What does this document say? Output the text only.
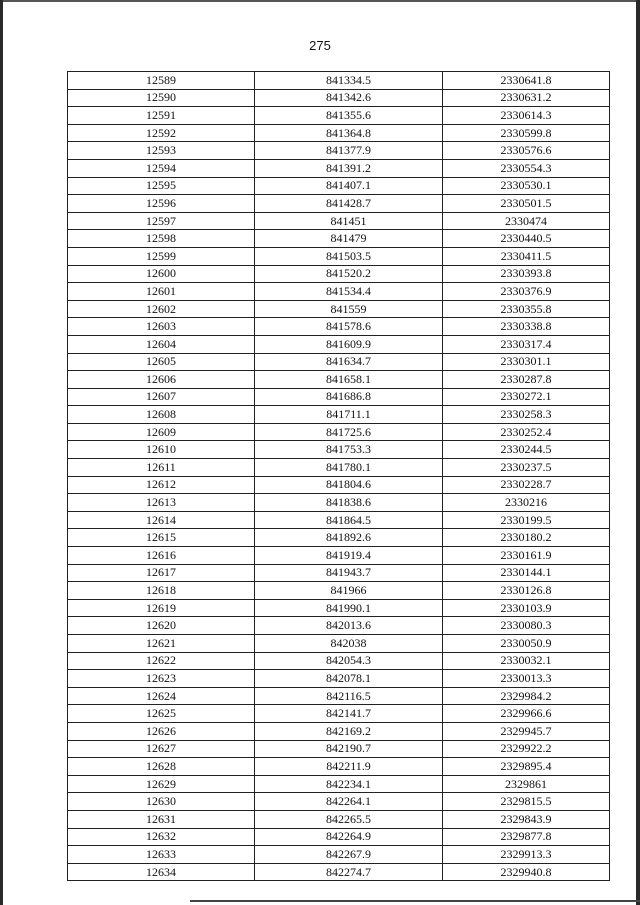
275
12589	841334.5	2330641.8
12590	841342.6	2330631.2
12591	841355.6	2330614.3
12592	841364.8	2330599.8
12593	841377.9	2330576.6
12594	841391.2	2330554.3
12595	841407.1	2330530.1
12596	841428.7	2330501.5
12597	841451	2330474
12598	841479	2330440.5
12599	841503.5	2330411.5
12600	841520.2	2330393.8
12601	841534.4	2330376.9
12602	841559	2330355.8
12603	841578.6	2330338.8
12604	841609.9	2330317.4
12605	841634.7	2330301.1
12606	841658.1	2330287.8
12607	841686.8	2330272.1
12608	841711.1	2330258.3
12609	841725.6	2330252.4
12610	841753.3	2330244.5
12611	841780.1	2330237.5
12612	841804.6	2330228.7
12613	841838.6	2330216
12614	841864.5	2330199.5
12615	841892.6	2330180.2
12616	841919.4	2330161.9
12617	841943.7	2330144.1
12618	841966	2330126.8
12619	841990.1	2330103.9
12620	842013.6	2330080.3
12621	842038	2330050.9
12622	842054.3	2330032.1
12623	842078.1	2330013.3
12624	842116.5	2329984.2
12625	842141.7	2329966.6
12626	842169.2	2329945.7
12627	842190.7	2329922.2
12628	842211.9	2329895.4
12629	842234.1	2329861
12630	842264.1	2329815.5
12631	842265.5	2329843.9
12632	842264.9	2329877.8
12633	842267.9	2329913.3
12634	842274.7	2329940.8
